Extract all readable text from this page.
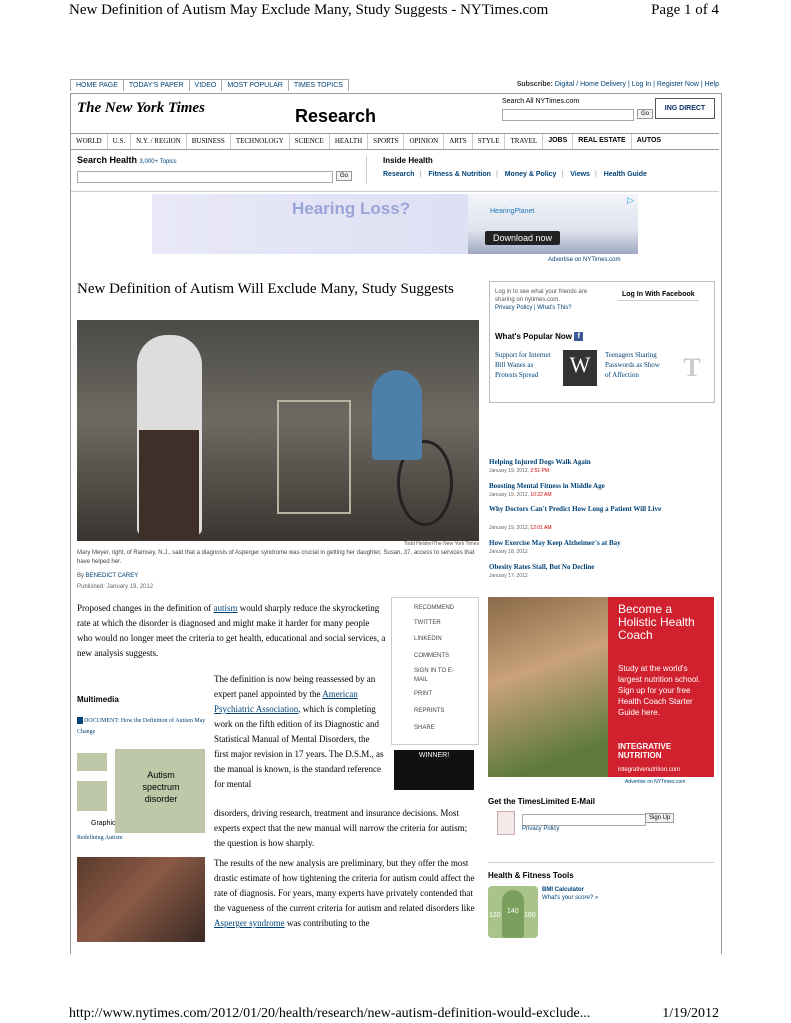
New Definition of Autism May Exclude Many, Study Suggests - NYTimes.com	Page 1 of 4
http://www.nytimes.com/2012/01/20/health/research/new-autism-definition-would-exclude...	1/19/2012
HOME PAGE	TODAY'S PAPER	VIDEO	MOST POPULAR	TIMES TOPICS	Subscribe: Digital / Home Delivery | Log In | Register Now | Help
The New York Times	Research
Search All NYTimes.com
Go
ING DIRECT
WORLD	U.S.	N.Y. / REGION	BUSINESS	TECHNOLOGY	SCIENCE	HEALTH	SPORTS	OPINION	ARTS	STYLE	TRAVEL	JOBS	REAL ESTATE	AUTOS
Search Health 3,000+ Topics
Go
Inside Health
Research | Fitness & Nutrition | Money & Policy | Views | Health Guide
Hearing Loss?	HearingPlanet
Download now
▷
Advertise on NYTimes.com
New Definition of Autism Will Exclude Many, Study Suggests
Todd Heisler/The New York Times
Mary Meyer, right, of Ramsey, N.J., said that a diagnosis of Asperger syndrome was crucial in getting her daughter, Susan, 37, access to services that have helped her.
By BENEDICT CAREY
Published: January 19, 2012
Proposed changes in the definition of autism would sharply reduce the skyrocketing rate at which the disorder is diagnosed and might make it harder for many people who would no longer meet the criteria to get health, educational and social services, a new analysis suggests.
The definition is now being reassessed by an expert panel appointed by the American Psychiatric Association, which is completing work on the fifth edition of its Diagnostic and Statistical Manual of Mental Disorders, the first major revision in 17 years. The D.S.M., as the manual is known, is the standard reference for mental
disorders, driving research, treatment and insurance decisions. Most experts expect that the new manual will narrow the criteria for autism; the question is how sharply.
The results of the new analysis are preliminary, but they offer the most drastic estimate of how tightening the criteria for autism could affect the rate of diagnosis. For years, many experts have privately contended that the vagueness of the current criteria for autism and related disorders like Asperger syndrome was contributing to the
RECOMMEND
TWITTER
LINKEDIN
COMMENTS
SIGN IN TO E-MAIL
PRINT
REPRINTS
SHARE
WINNER!
Multimedia
DOCUMENT: How the Definition of Autism May Change
Autism spectrum disorder
Graphic
Redefining Autism
Log in to see what your friends are sharing on nytimes.com.
Privacy Policy | What's This?
Log In With Facebook
What's Popular Now f
Support for Internet Bill Wanes as Protests Spread	W	Teenagers Sharing Passwords as Show of Affection	T
Helping Injured Dogs Walk Again
January 19, 2012, 2:51 PM
Boosting Mental Fitness in Middle Age
January 19, 2012, 10:22 AM
Why Doctors Can't Predict How Long a Patient Will Live
January 19, 2012, 12:01 AM
How Exercise May Keep Alzheimer's at Bay
January 18, 2012
Obesity Rates Stall, But No Decline
January 17, 2012
Become a Holistic Health Coach
Study at the world's largest nutrition school. Sign up for your free Health Coach Starter Guide here.
INTEGRATIVE NUTRITION
integrativenutrition.com
Advertise on NYTimes.com
Get the TimesLimited E-Mail
Sign Up
Privacy Policy
Health & Fitness Tools
120
140
160
BMI Calculator
What's your score? »
